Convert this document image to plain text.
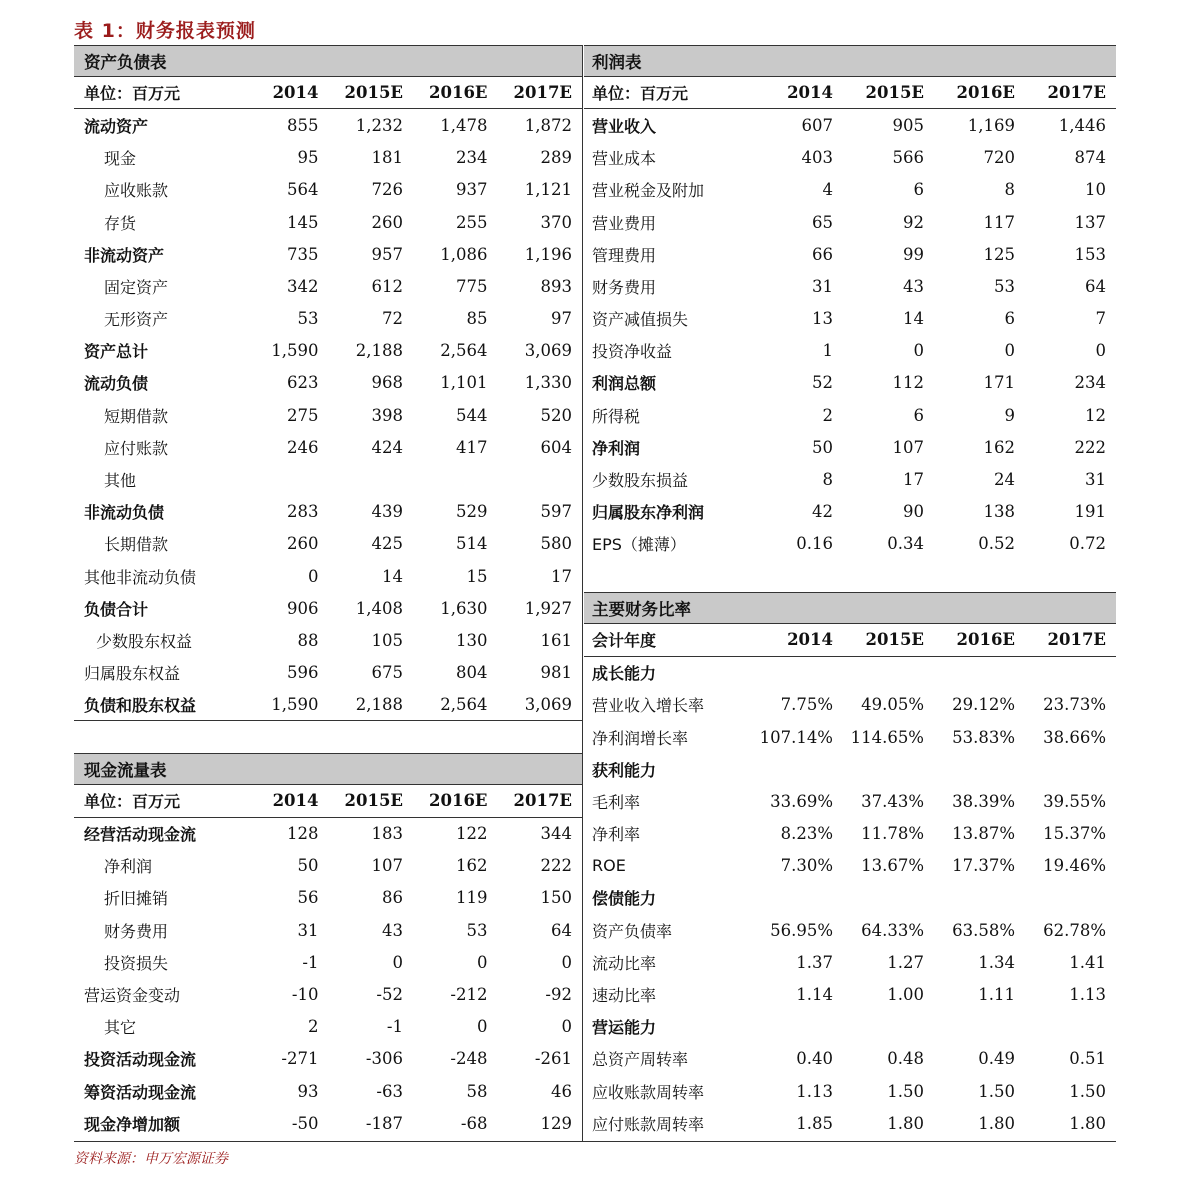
表 1：财务报表预测
资产负债表
单位：百万元	2014	2015E	2016E	2017E
流动资产	855	1,232	1,478	1,872
现金	95	181	234	289
应收账款	564	726	937	1,121
存货	145	260	255	370
非流动资产	735	957	1,086	1,196
固定资产	342	612	775	893
无形资产	53	72	85	97
资产总计	1,590	2,188	2,564	3,069
流动负债	623	968	1,101	1,330
短期借款	275	398	544	520
应付账款	246	424	417	604
其他
非流动负债	283	439	529	597
长期借款	260	425	514	580
其他非流动负债	0	14	15	17
负债合计	906	1,408	1,630	1,927
少数股东权益	88	105	130	161
归属股东权益	596	675	804	981
负债和股东权益	1,590	2,188	2,564	3,069
现金流量表
单位：百万元	2014	2015E	2016E	2017E
经营活动现金流	128	183	122	344
净利润	50	107	162	222
折旧摊销	56	86	119	150
财务费用	31	43	53	64
投资损失	-1	0	0	0
营运资金变动	-10	-52	-212	-92
其它	2	-1	0	0
投资活动现金流	-271	-306	-248	-261
筹资活动现金流	93	-63	58	46
现金净增加额	-50	-187	-68	129
利润表
单位：百万元	2014	2015E	2016E	2017E
营业收入	607	905	1,169	1,446
营业成本	403	566	720	874
营业税金及附加	4	6	8	10
营业费用	65	92	117	137
管理费用	66	99	125	153
财务费用	31	43	53	64
资产减值损失	13	14	6	7
投资净收益	1	0	0	0
利润总额	52	112	171	234
所得税	2	6	9	12
净利润	50	107	162	222
少数股东损益	8	17	24	31
归属股东净利润	42	90	138	191
EPS（摊薄）	0.16	0.34	0.52	0.72
主要财务比率
会计年度	2014	2015E	2016E	2017E
成长能力
营业收入增长率	7.75%	49.05%	29.12%	23.73%
净利润增长率	107.14%	114.65%	53.83%	38.66%
获利能力
毛利率	33.69%	37.43%	38.39%	39.55%
净利率	8.23%	11.78%	13.87%	15.37%
ROE	7.30%	13.67%	17.37%	19.46%
偿债能力
资产负债率	56.95%	64.33%	63.58%	62.78%
流动比率	1.37	1.27	1.34	1.41
速动比率	1.14	1.00	1.11	1.13
营运能力
总资产周转率	0.40	0.48	0.49	0.51
应收账款周转率	1.13	1.50	1.50	1.50
应付账款周转率	1.85	1.80	1.80	1.80
资料来源：申万宏源证券
